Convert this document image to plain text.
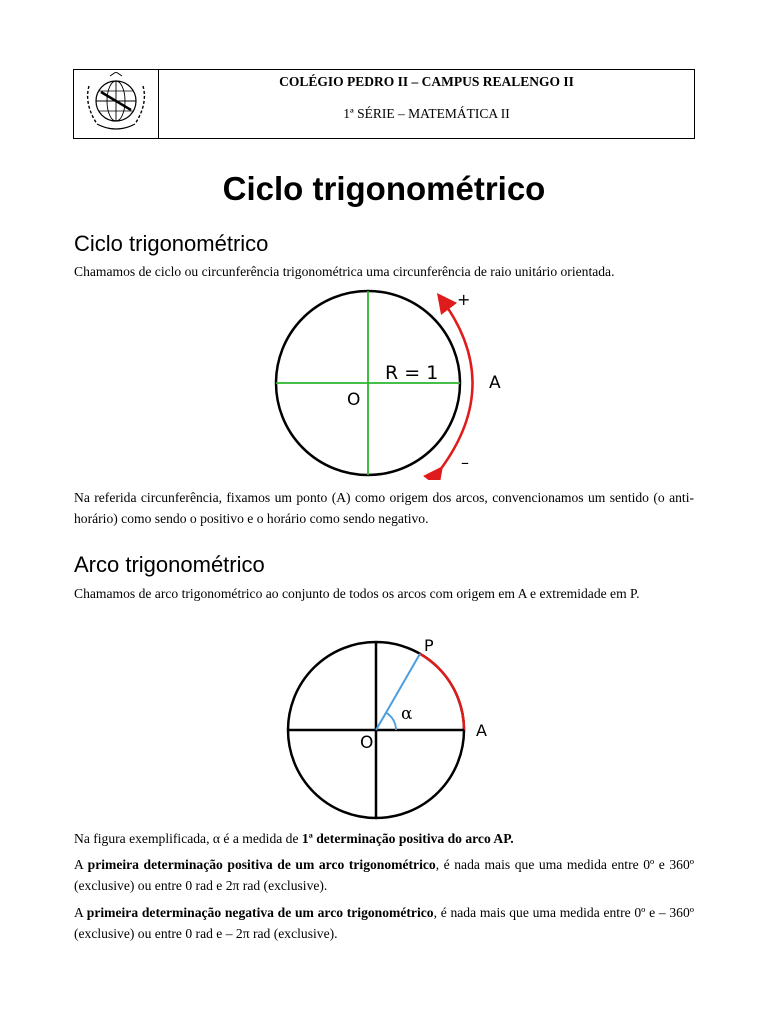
COLÉGIO PEDRO II – CAMPUS REALENGO II
1ª SÉRIE – MATEMÁTICA II
Ciclo trigonométrico
Ciclo trigonométrico

Chamamos de ciclo ou circunferência trigonométrica uma circunferência de raio unitário orientada.

R = 1
O
A
+
–

Na referida circunferência, fixamos um ponto (A) como origem dos arcos, convencionamos um sentido (o anti-horário) como sendo o positivo e o horário como sendo negativo.

Arco trigonométrico

Chamamos de arco trigonométrico ao conjunto de todos os arcos com origem em A e extremidade em P.

P
α
O
A

Na figura exemplificada, α é a medida de 1ª determinação positiva do arco AP.

A primeira determinação positiva de um arco trigonométrico, é nada mais que uma medida entre 0º e 360º (exclusive) ou entre 0 rad e 2π rad (exclusive).

A primeira determinação negativa de um arco trigonométrico, é nada mais que uma medida entre 0º e – 360º (exclusive) ou entre 0 rad e – 2π rad (exclusive).
